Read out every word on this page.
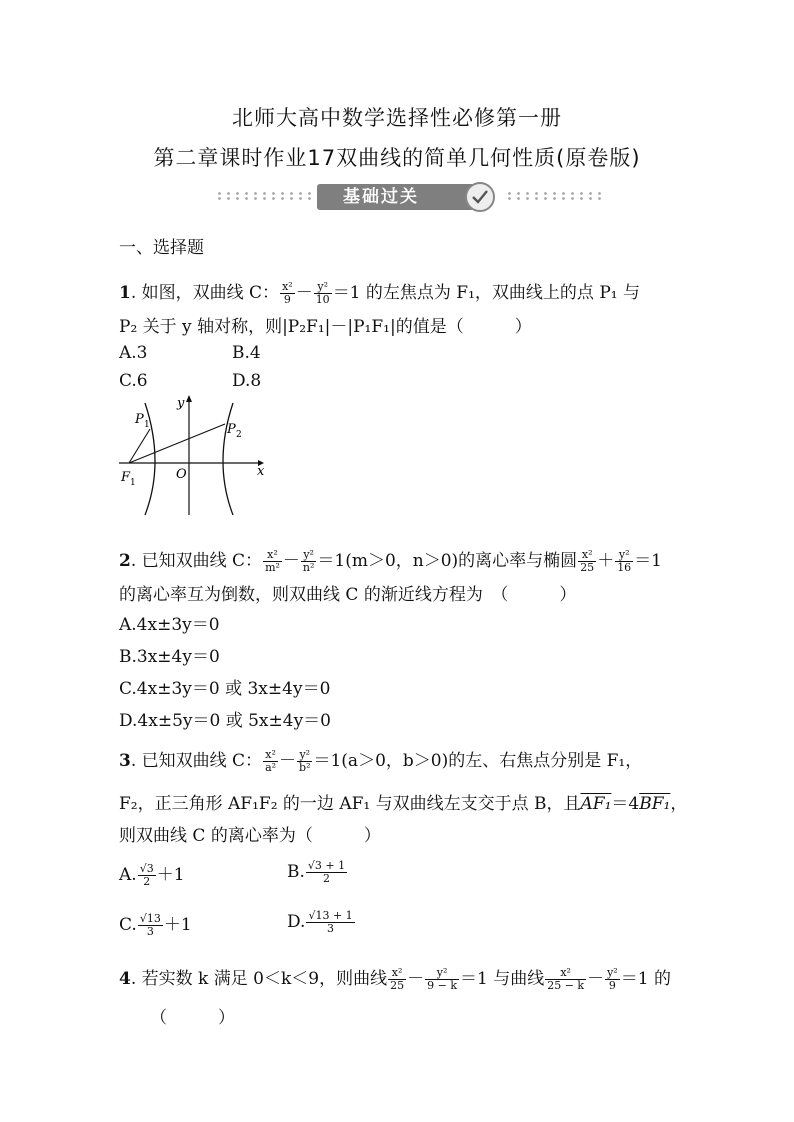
北师大高中数学选择性必修第一册
第二章课时作业17双曲线的简单几何性质(原卷版)
基础过关
一、选择题
1. 如图，双曲线 C： $\frac{\text{x²}}{9} - \frac{\text{y²}}{10} =1$ 的左焦点为 F₁，双曲线上的点 P₁ 与
P₂ 关于 y 轴对称，则|P₂F₁|－|P₁F₁|的值是（　　　）
A.3	B.4
C.6	D.8
y
x
O
F 1
P 1	P 2
2. 已知双曲线 C： $\frac{\text{x²}}{\text{m²}} - \frac{\text{y²}}{\text{n²}} =1(m>0$，n＞0)的离心率与椭圆 $\frac{\text{x²}}{25} + \frac{\text{y²}}{16} =1$
的离心率互为倒数，则双曲线 C 的渐近线方程为　（　　　）
A.4x±3y＝0
B.3x±4y＝0
C.4x±3y＝0 或 3x±4y＝0
D.4x±5y＝0 或 5x±4y＝0
3. 已知双曲线 C： $\frac{\text{x²}}{\text{a²}} - \frac{\text{y²}}{\text{b²}} =1(a>0$，b＞0)的左、右焦点分别是 F₁，
F₂，正三角形 AF₁F₂ 的一边 AF₁ 与双曲线左支交于点 B，且AF₁＝4BF₁，
则双曲线 C 的离心率为（　　　）
A. $\frac{√3}{2} +1$	B. $\frac{√3 + 1}{2}$
C. $\frac{√13}{3} +1$	D. $\frac{√13 + 1}{3}$
4. 若实数 k 满足 0＜k＜9，则曲线 $\frac{\text{x²}}{25} - \frac{\text{y²}}{9 - k} =1$ 与曲线 $\frac{\text{x²}}{25 - k} - \frac{\text{y²}}{9} =1$ 的
（　　　）
